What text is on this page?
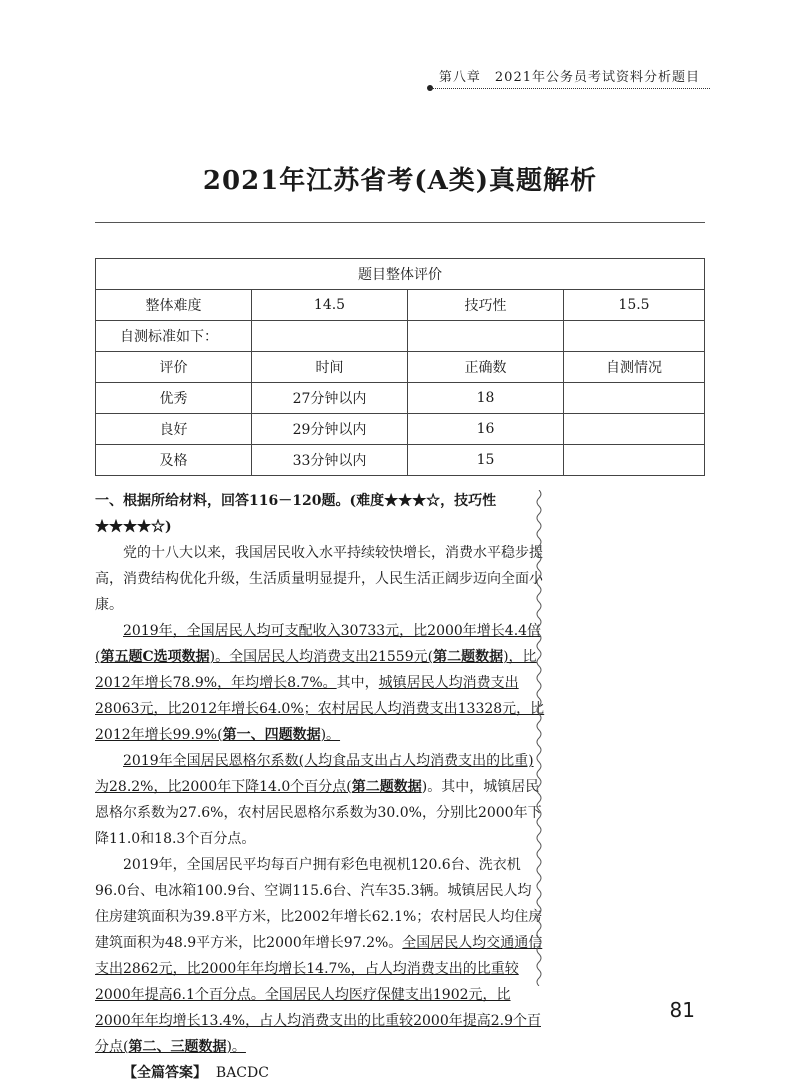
第八章　2021年公务员考试资料分析题目
2021年江苏省考(A类)真题解析
题目整体评价			
整体难度	14.5	技巧性	15.5
自测标准如下：			
评价	时间	正确数	自测情况
优秀	27分钟以内	18	
良好	29分钟以内	16	
及格	33分钟以内	15	
一、根据所给材料，回答116－120题。(难度★★★☆，技巧性★★★★☆)

党的十八大以来，我国居民收入水平持续较快增长，消费水平稳步提高，消费结构优化升级，生活质量明显提升，人民生活正阔步迈向全面小康。

2019年，全国居民人均可支配收入30733元，比2000年增长4.4倍(第五题C选项数据)。全国居民人均消费支出21559元(第二题数据)，比2012年增长78.9%，年均增长8.7%。其中，城镇居民人均消费支出28063元，比2012年增长64.0%；农村居民人均消费支出13328元，比2012年增长99.9%(第一、四题数据)。

2019年全国居民恩格尔系数(人均食品支出占人均消费支出的比重)为28.2%，比2000年下降14.0个百分点(第二题数据)。其中，城镇居民恩格尔系数为27.6%，农村居民恩格尔系数为30.0%，分别比2000年下降11.0和18.3个百分点。

2019年，全国居民平均每百户拥有彩色电视机120.6台、洗衣机96.0台、电冰箱100.9台、空调115.6台、汽车35.3辆。城镇居民人均住房建筑面积为39.8平方米，比2002年增长62.1%；农村居民人均住房建筑面积为48.9平方米，比2000年增长97.2%。全国居民人均交通通信支出2862元，比2000年年均增长14.7%，占人均消费支出的比重较2000年提高6.1个百分点。全国居民人均医疗保健支出1902元，比2000年年均增长13.4%，占人均消费支出的比重较2000年提高2.9个百分点(第二、三题数据)。

【全篇答案】 BACDC
81
